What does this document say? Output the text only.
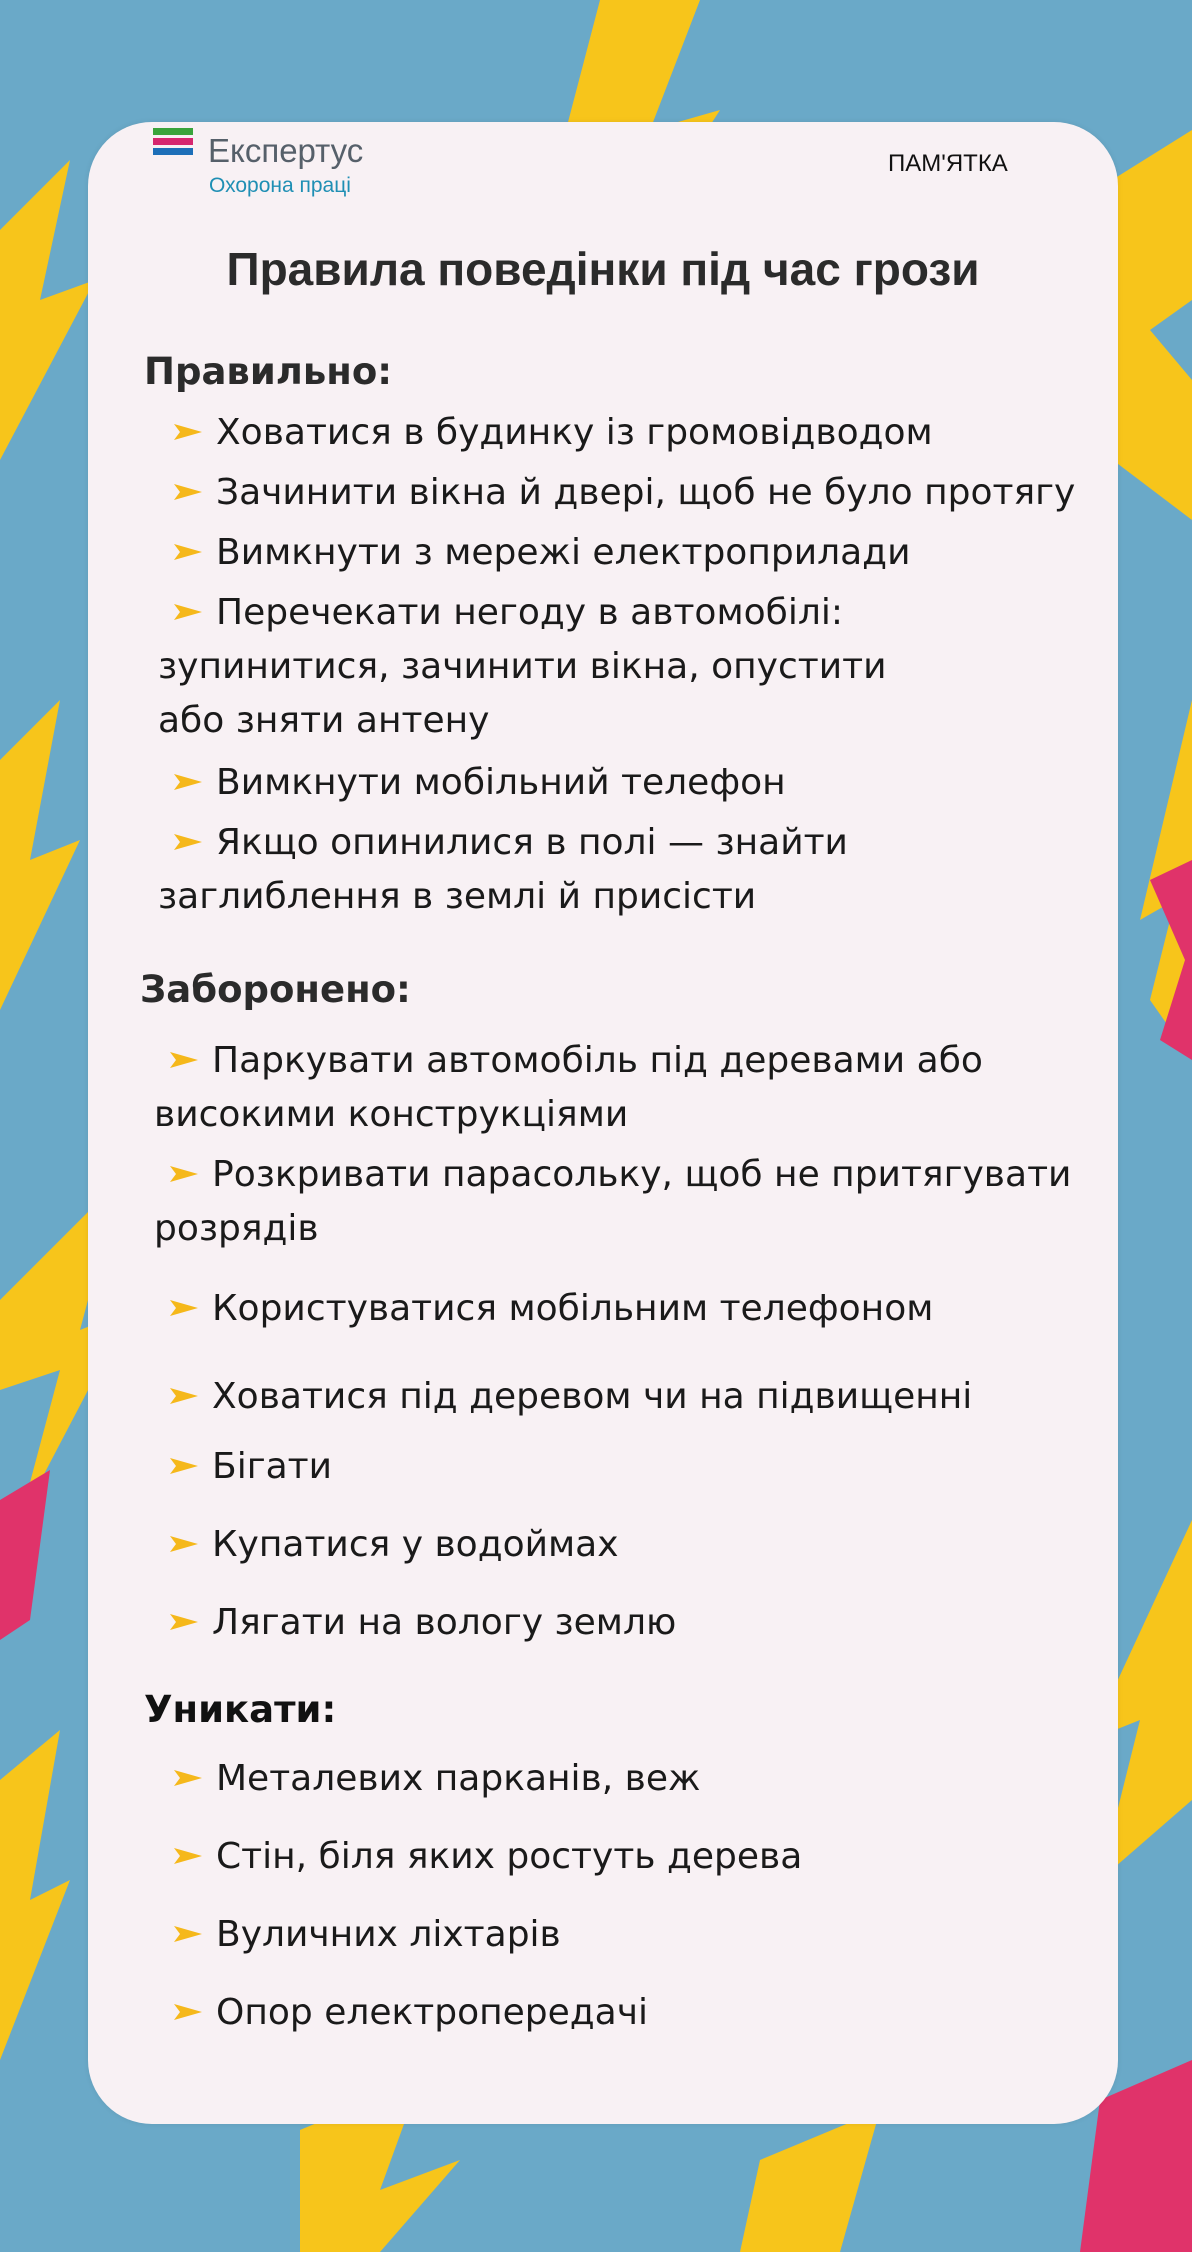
Експертус
Охорона праці
ПАМ'ЯТКА
Правила поведінки під час грози
Правильно:
Ховатися в будинку із громовідводом
Зачинити вікна й двері, щоб не було протягу
Вимкнути з мережі електроприлади
Перечекати негоду в автомобілі: зупинитися, зачинити вікна, опустити або зняти антену
Вимкнути мобільний телефон
Якщо опинилися в полі — знайти заглиблення в землі й присісти
Заборонено:
Паркувати автомобіль під деревами або високими конструкціями
Розкривати парасольку, щоб не притягувати розрядів
Користуватися мобільним телефоном
Ховатися під деревом чи на підвищенні
Бігати
Купатися у водоймах
Лягати на вологу землю
Уникати:
Металевих парканів, веж
Стін, біля яких ростуть дерева
Вуличних ліхтарів
Опор електропередачі
